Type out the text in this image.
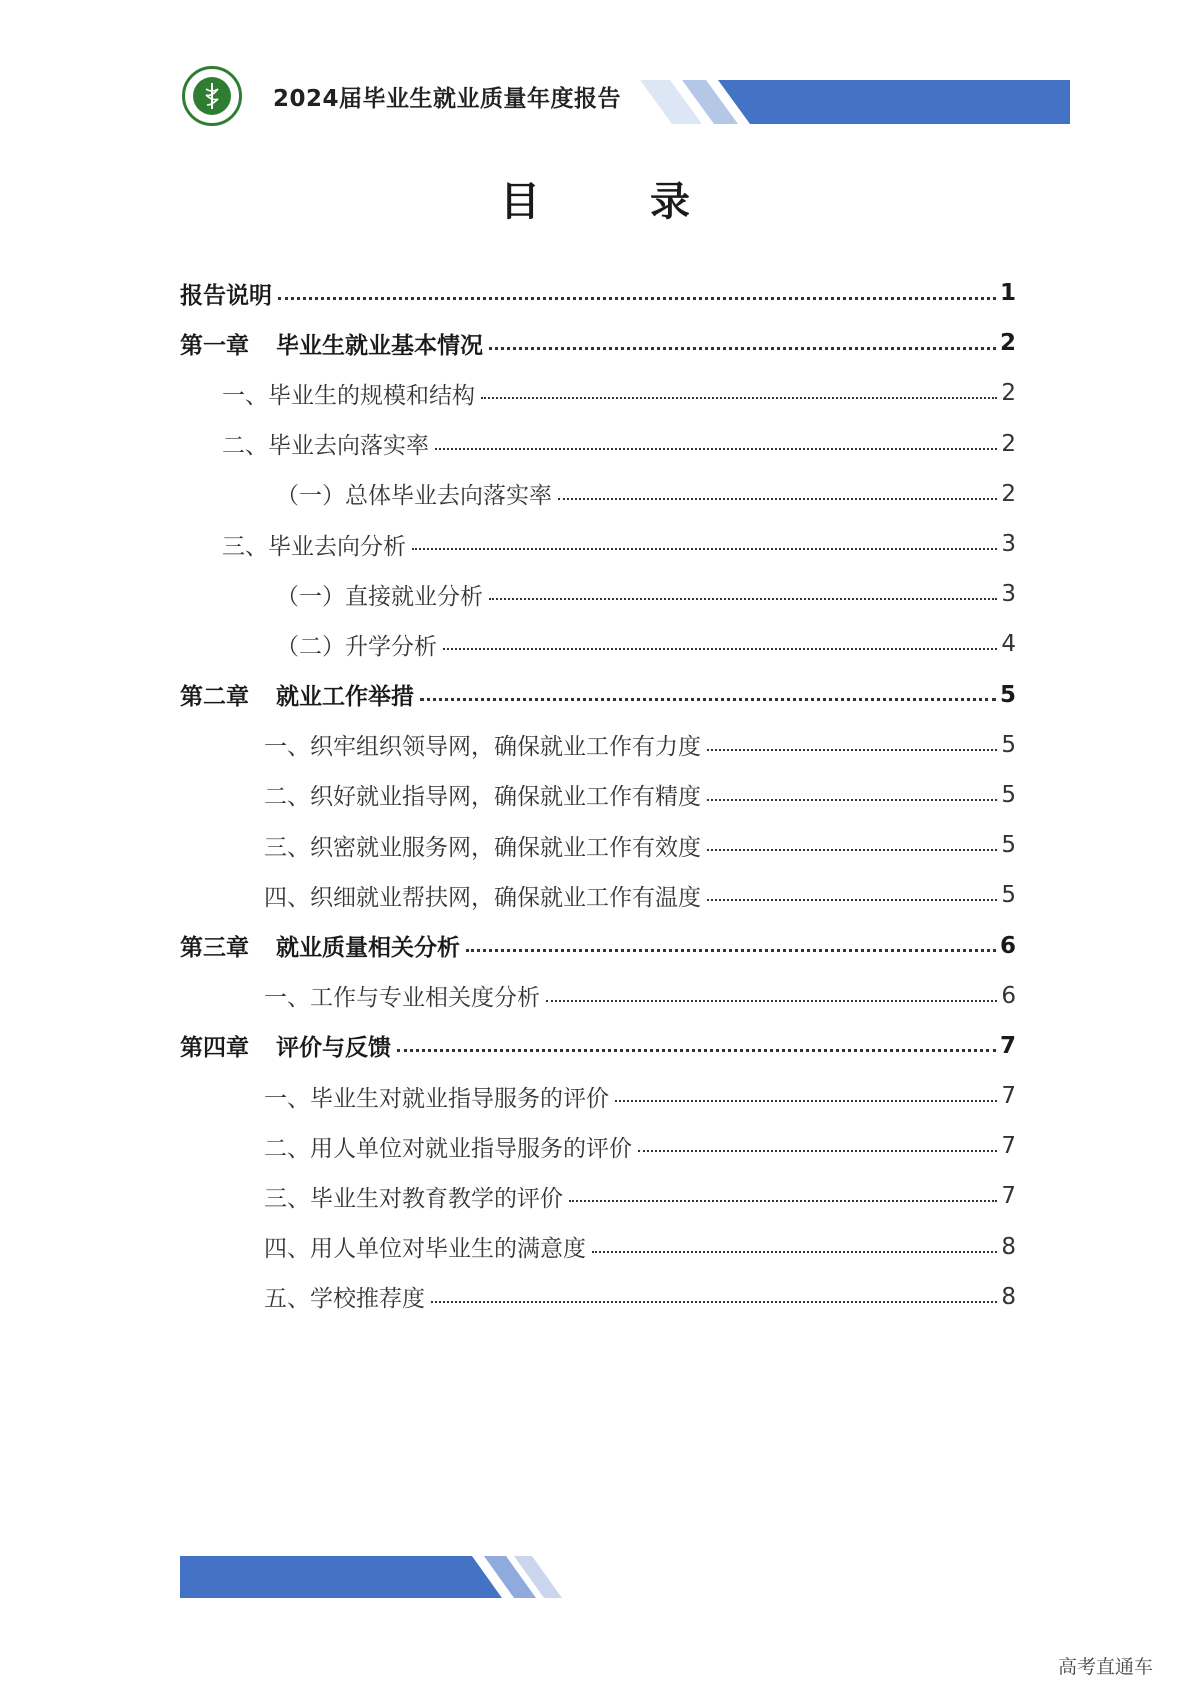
2024届毕业生就业质量年度报告
目 录
报告说明	1
第一章 毕业生就业基本情况	2
一、毕业生的规模和结构	2
二、毕业去向落实率	2
（一）总体毕业去向落实率	2
三、毕业去向分析	3
（一）直接就业分析	3
（二）升学分析	4
第二章 就业工作举措	5
一、织牢组织领导网，确保就业工作有力度	5
二、织好就业指导网，确保就业工作有精度	5
三、织密就业服务网，确保就业工作有效度	5
四、织细就业帮扶网，确保就业工作有温度	5
第三章 就业质量相关分析	6
一、工作与专业相关度分析	6
第四章 评价与反馈	7
一、毕业生对就业指导服务的评价	7
二、用人单位对就业指导服务的评价	7
三、毕业生对教育教学的评价	7
四、用人单位对毕业生的满意度	8
五、学校推荐度	8
高考直通车
